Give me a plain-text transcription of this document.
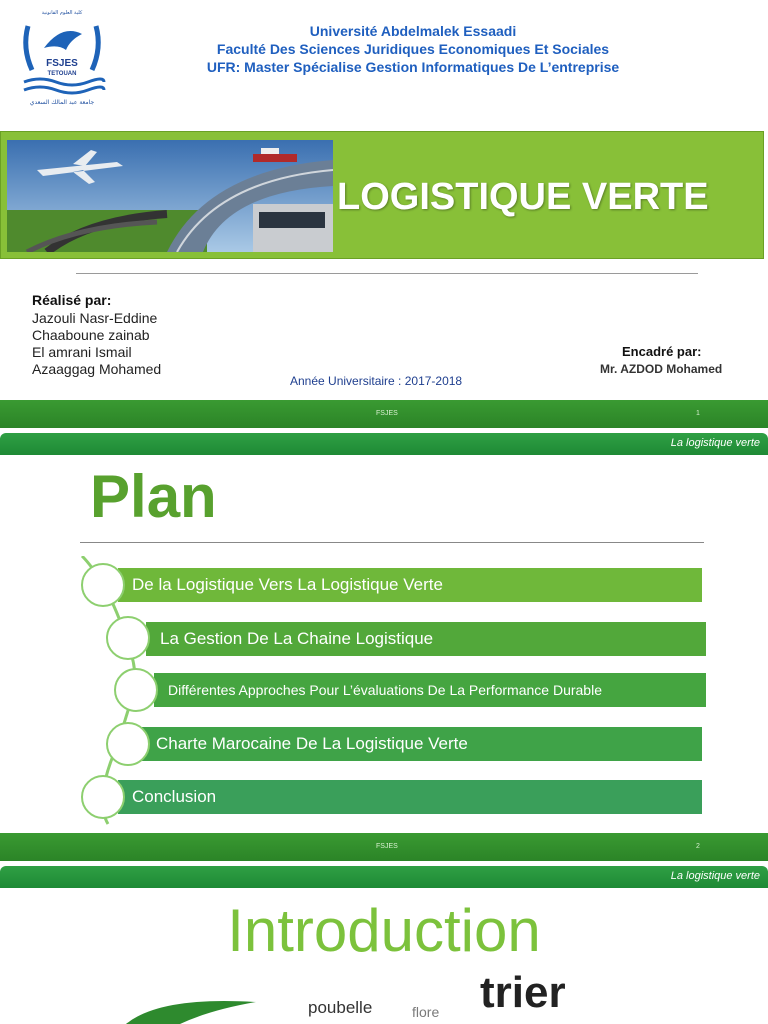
كلية العلوم القانونية
FSJES
TETOUAN
جامعة عبد المالك السعدي
Université Abdelmalek Essaadi
Faculté Des Sciences Juridiques Economiques Et Sociales
UFR: Master Spécialise Gestion Informatiques De L’entreprise
LOGISTIQUE VERTE
Réalisé par:
Jazouli Nasr-Eddine
Chaaboune zainab
El amrani Ismail
Azaaggag Mohamed
Année Universitaire : 2017-2018
Encadré par:
Mr. AZDOD Mohamed
FSJES	1
La logistique verte
Plan
De la Logistique Vers La Logistique Verte
La Gestion De La Chaine Logistique
Différentes Approches Pour L’évaluations De La Performance Durable
Charte Marocaine De La Logistique Verte
Conclusion
FSJES	2
La logistique verte
Introduction
poubelle	flore trier
